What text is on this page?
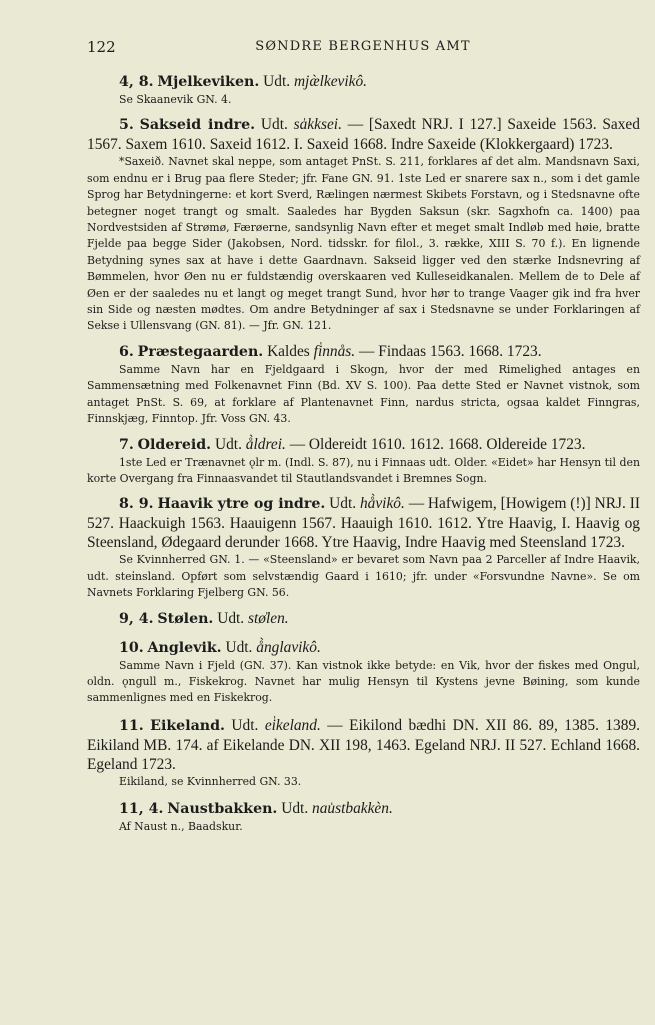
122	SØNDRE BERGENHUS AMT

4, 8. Mjelkeviken. Udt. mjæ̀lkevikô.

Se Skaanevik GN. 4.

5. Sakseid indre. Udt. sa̍kksei. — [Saxedt NRJ. I 127.] Saxeide 1563. Saxed 1567. Saxem 1610. Saxeid 1612. I. Saxeid 1668. Indre Saxeide (Klokkergaard) 1723.

*Saxeið. Navnet skal neppe, som antaget PnSt. S. 211, forklares af det alm. Mandsnavn Saxi, som endnu er i Brug paa flere Steder; jfr. Fane GN. 91. 1ste Led er snarere sax n., som i det gamle Sprog har Betydningerne: et kort Sverd, Rælingen nærmest Skibets Forstavn, og i Stedsnavne ofte betegner noget trangt og smalt. Saaledes har Bygden Saksun (skr. Sagxhofn ca. 1400) paa Nordvestsiden af Strømø, Færøerne, sandsynlig Navn efter et meget smalt Indløb med høie, bratte Fjelde paa begge Sider (Jakobsen, Nord. tidsskr. for filol., 3. række, XIII S. 70 f.). En lignende Betydning synes sax at have i dette Gaardnavn. Sakseid ligger ved den stærke Indsnevring af Bømmelen, hvor Øen nu er fuldstændig overskaaren ved Kulleseidkanalen. Mellem de to Dele af Øen er der saaledes nu et langt og meget trangt Sund, hvor hør to trange Vaager gik ind fra hver sin Side og næsten mødtes. Om andre Betydninger af sax i Stedsnavne se under Forklaringen af Sekse i Ullensvang (GN. 81). — Jfr. GN. 121.

6. Præstegaarden. Kaldes fi̍nnås. — Findaas 1563. 1668. 1723.

Samme Navn har en Fjeldgaard i Skogn, hvor der med Rimelighed antages en Sammensætning med Folkenavnet Finn (Bd. XV S. 100). Paa dette Sted er Navnet vistnok, som antaget PnSt. S. 69, at forklare af Plantenavnet Finn, nardus stricta, ogsaa kaldet Finngras, Finnskjæg, Finntop. Jfr. Voss GN. 43.

7. Oldereid. Udt. å̀ldrei. — Oldereidt 1610. 1612. 1668. Oldereide 1723.

1ste Led er Trænavnet ǫlr m. (Indl. S. 87), nu i Finnaas udt. Older. «Eidet» har Hensyn til den korte Overgang fra Finnaasvandet til Stautlandsvandet i Bremnes Sogn.

8. 9. Haavik ytre og indre. Udt. hå̀vikô. — Hafwigem, [Howigem (!)] NRJ. II 527. Haackuigh 1563. Haauigenn 1567. Haauigh 1610. 1612. Ytre Haavig, I. Haavig og Steensland, Ødegaard derunder 1668. Ytre Haavig, Indre Haavig med Steensland 1723.

Se Kvinnherred GN. 1. — «Steensland» er bevaret som Navn paa 2 Parceller af Indre Haavik, udt. stei̍nsland. Opført som selvstændig Gaard i 1610; jfr. under «Forsvundne Navne». Se om Navnets Forklaring Fjelberg GN. 56.

9, 4. Stølen. Udt. stø̍len.

10. Anglevik. Udt. å̀nglavikô.

Samme Navn i Fjeld (GN. 37). Kan vistnok ikke betyde: en Vik, hvor der fiskes med Ongul, oldn. ǫngull m., Fiskekrog. Navnet har mulig Hensyn til Kystens jevne Bøining, som kunde sammenlignes med en Fiskekrog.

11. Eikeland. Udt. ei̍keland. — Eikilond bædhi DN. XII 86. 89, 1385. 1389. Eikiland MB. 174. af Eikelande DN. XII 198, 1463. Egeland NRJ. II 527. Echland 1668. Egeland 1723.

Eikiland, se Kvinnherred GN. 33.

11, 4. Naustbakken. Udt. nau̍stbakkèn.

Af Naust n., Baadskur.
